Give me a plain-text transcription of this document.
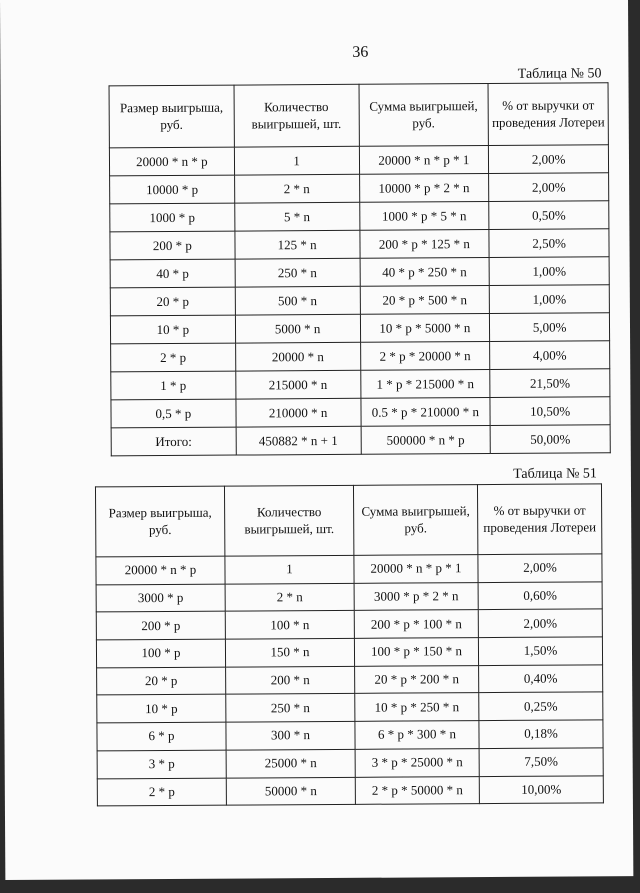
36
Таблица № 50
Размер выигрыша, руб.	Количество выигрышей, шт.	Сумма выигрышей, руб.	% от выручки от проведения Лотереи
20000 * n * p	1	20000 * n * p * 1	2,00%
10000 * p	2 * n	10000 * p * 2 * n	2,00%
1000 * p	5 * n	1000 * p * 5 * n	0,50%
200 * p	125 * n	200 * p * 125 * n	2,50%
40 * p	250 * n	40 * p * 250 * n	1,00%
20 * p	500 * n	20 * p * 500 * n	1,00%
10 * p	5000 * n	10 * p * 5000 * n	5,00%
2 * p	20000 * n	2 * p * 20000 * n	4,00%
1 * p	215000 * n	1 * p * 215000 * n	21,50%
0,5 * p	210000 * n	0.5 * p * 210000 * n	10,50%
Итого:	450882 * n + 1	500000 * n * p	50,00%
Таблица № 51
Размер выигрыша, руб.	Количество выигрышей, шт.	Сумма выигрышей, руб.	% от выручки от проведения Лотереи
20000 * n * p	1	20000 * n * p * 1	2,00%
3000 * p	2 * n	3000 * p * 2 * n	0,60%
200 * p	100 * n	200 * p * 100 * n	2,00%
100 * p	150 * n	100 * p * 150 * n	1,50%
20 * p	200 * n	20 * p * 200 * n	0,40%
10 * p	250 * n	10 * p * 250 * n	0,25%
6 * p	300 * n	6 * p * 300 * n	0,18%
3 * p	25000 * n	3 * p * 25000 * n	7,50%
2 * p	50000 * n	2 * p * 50000 * n	10,00%
